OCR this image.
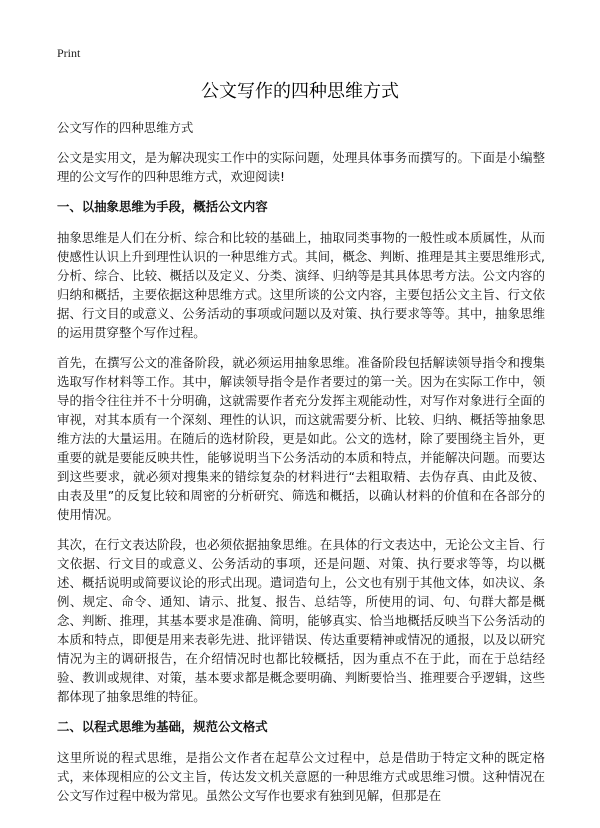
Print
公文写作的四种思维方式

公文写作的四种思维方式

公文是实用文，是为解决现实工作中的实际问题，处理具体事务而撰写的。下面是小编整理的公文写作的四种思维方式，欢迎阅读!

一、以抽象思维为手段，概括公文内容

抽象思维是人们在分析、综合和比较的基础上，抽取同类事物的一般性或本质属性，从而使感性认识上升到理性认识的一种思维方式。其间，概念、判断、推理是其主要思维形式,分析、综合、比较、概括以及定义、分类、演绎、归纳等是其具体思考方法。公文内容的归纳和概括，主要依据这种思维方式。这里所谈的公文内容，主要包括公文主旨、行文依据、行文目的或意义、公务活动的事项或问题以及对策、执行要求等等。其中，抽象思维的运用贯穿整个写作过程。

首先，在撰写公文的准备阶段，就必须运用抽象思维。准备阶段包括解读领导指令和搜集选取写作材料等工作。其中，解读领导指令是作者要过的第一关。因为在实际工作中，领导的指令往往并不十分明确，这就需要作者充分发挥主观能动性，对写作对象进行全面的审视，对其本质有一个深刻、理性的认识，而这就需要分析、比较、归纳、概括等抽象思维方法的大量运用。在随后的选材阶段，更是如此。公文的选材，除了要围绕主旨外，更重要的就是要能反映共性，能够说明当下公务活动的本质和特点，并能解决问题。而要达到这些要求，就必须对搜集来的错综复杂的材料进行“去粗取精、去伪存真、由此及彼、由表及里”的反复比较和周密的分析研究、筛选和概括，以确认材料的价值和在各部分的使用情况。

其次，在行文表达阶段，也必须依据抽象思维。在具体的行文表达中，无论公文主旨、行文依据、行文目的或意义、公务活动的事项，还是问题、对策、执行要求等等，均以概述、概括说明或简要议论的形式出现。遣词造句上，公文也有别于其他文体，如决议、条例、规定、命令、通知、请示、批复、报告、总结等，所使用的词、句、句群大都是概念、判断、推理，其基本要求是准确、简明，能够真实、恰当地概括反映当下公务活动的本质和特点，即便是用来表彰先进、批评错误、传达重要精神或情况的通报，以及以研究情况为主的调研报告，在介绍情况时也都比较概括，因为重点不在于此，而在于总结经验、教训或规律、对策，基本要求都是概念要明确、判断要恰当、推理要合乎逻辑，这些都体现了抽象思维的特征。

二、以程式思维为基础，规范公文格式

这里所说的程式思维，是指公文作者在起草公文过程中，总是借助于特定文种的既定格式，来体现相应的公文主旨，传达发文机关意愿的一种思维方式或思维习惯。这种情况在公文写作过程中极为常见。虽然公文写作也要求有独到见解，但那是在
